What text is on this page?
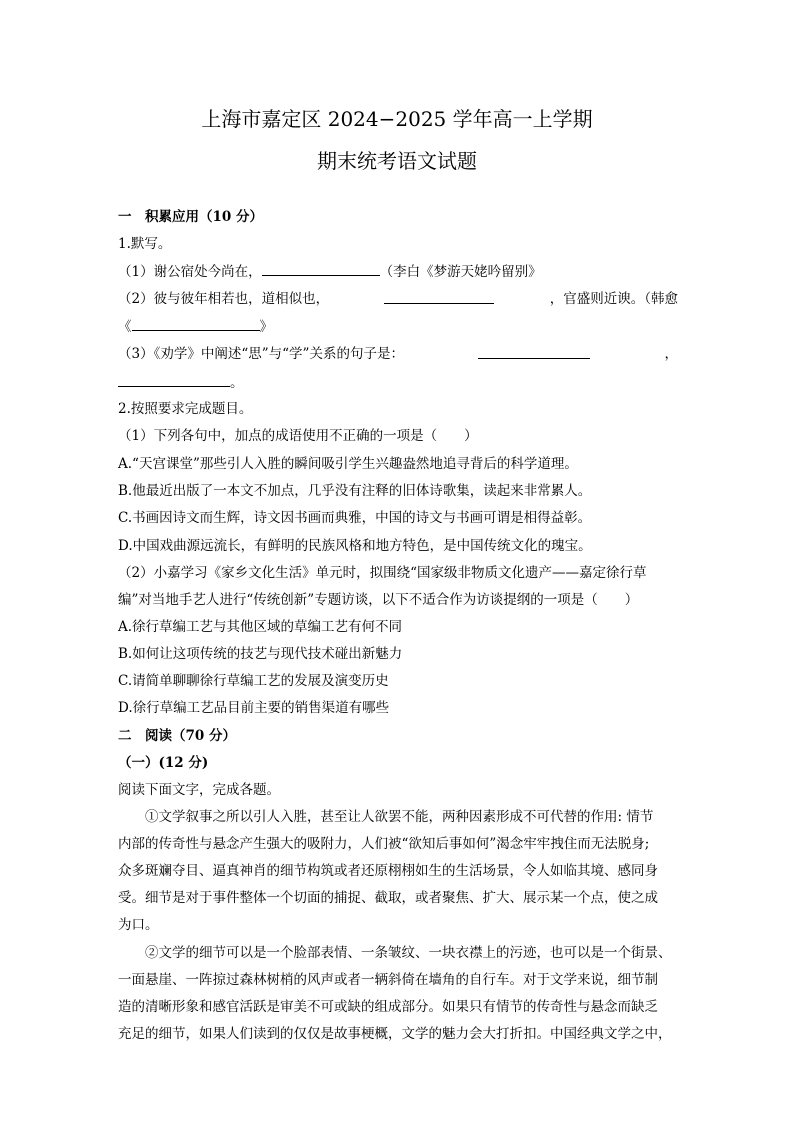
上海市嘉定区 2024−2025 学年高一上学期
期末统考语文试题
一　积累应用（10 分）
1.默写。
（1）谢公宿处今尚在，	（李白《梦游天姥吟留别》
（2）彼与彼年相若也，道相似也，	，官盛则近谀。（韩愈
《	》
（3）《劝学》中阐述“思”与“学”关系的句子是：	，
。
2.按照要求完成题目。
（1）下列各句中，加点的成语使用不正确的一项是（　　）
A.“天宫课堂”那些引人入胜的瞬间吸引学生兴趣盎然地追寻背后的科学道理。
B.他最近出版了一本文不加点，几乎没有注释的旧体诗歌集，读起来非常累人。
C.书画因诗文而生辉，诗文因书画而典雅，中国的诗文与书画可谓是相得益彰。
D.中国戏曲源远流长，有鲜明的民族风格和地方特色，是中国传统文化的瑰宝。
（2）小嘉学习《家乡文化生活》单元时，拟围绕“国家级非物质文化遗产——嘉定徐行草
编”对当地手艺人进行“传统创新”专题访谈，以下不适合作为访谈提纲的一项是（　　）
A.徐行草编工艺与其他区域的草编工艺有何不同
B.如何让这项传统的技艺与现代技术碰出新魅力
C.请简单聊聊徐行草编工艺的发展及演变历史
D.徐行草编工艺品目前主要的销售渠道有哪些
二　阅读（70 分）
（一）(12 分)
阅读下面文字，完成各题。
①文学叙事之所以引人入胜，甚至让人欲罢不能，两种因素形成不可代替的作用: 情节
内部的传奇性与悬念产生强大的吸附力，人们被“欲知后事如何”渴念牢牢拽住而无法脱身;
众多斑斓夺目、逼真神肖的细节构筑或者还原栩栩如生的生活场景，令人如临其境、感同身
受。细节是对于事件整体一个切面的捕捉、截取，或者聚焦、扩大、展示某一个点，使之成
为口。
②文学的细节可以是一个脸部表情、一条皱纹、一块衣襟上的污迹，也可以是一个街景、
一面悬崖、一阵掠过森林树梢的风声或者一辆斜倚在墙角的自行车。对于文学来说，细节制
造的清晰形象和感官活跃是审美不可或缺的组成部分。如果只有情节的传奇性与悬念而缺乏
充足的细节，如果人们读到的仅仅是故事梗概，文学的魅力会大打折扣。中国经典文学之中，
